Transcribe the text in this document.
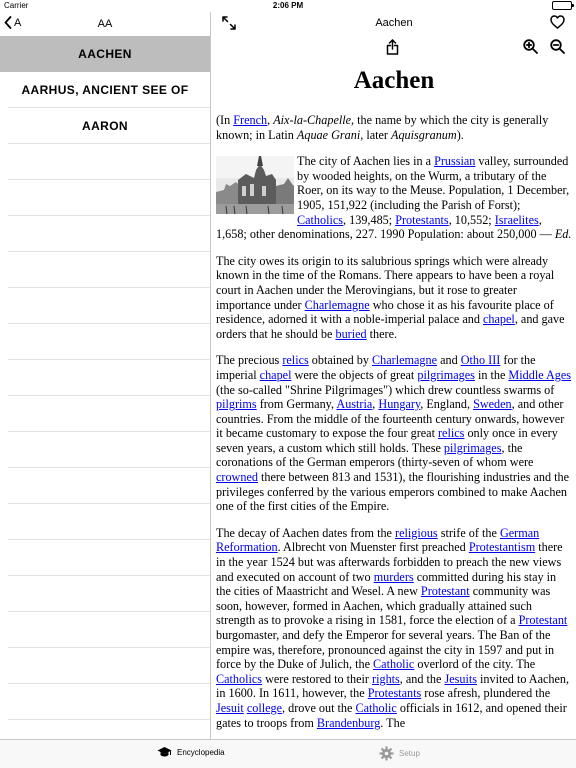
Carrier	2:06 PM
A	AA
AACHEN
AARHUS, ANCIENT SEE OF
AARON
Aachen
Aachen

(In French, Aix-la-Chapelle, the name by which the city is generally known; in Latin Aquae Grani, later Aquisgranum).

The city of Aachen lies in a Prussian valley, surrounded by wooded heights, on the Wurm, a tributary of the Roer, on its way to the Meuse. Population, 1 December, 1905, 151,922 (including the Parish of Forst); Catholics, 139,485; Protestants, 10,552; Israelites, 1,658; other denominations, 227. 1990 Population: about 250,000 — Ed.

The city owes its origin to its salubrious springs which were already known in the time of the Romans. There appears to have been a royal court in Aachen under the Merovingians, but it rose to greater importance under Charlemagne who chose it as his favourite place of residence, adorned it with a noble-imperial palace and chapel, and gave orders that he should be buried there.

The precious relics obtained by Charlemagne and Otho III for the imperial chapel were the objects of great pilgrimages in the Middle Ages (the so-called "Shrine Pilgrimages") which drew countless swarms of pilgrims from Germany, Austria, Hungary, England, Sweden, and other countries. From the middle of the fourteenth century onwards, however it became customary to expose the four great relics only once in every seven years, a custom which still holds. These pilgrimages, the coronations of the German emperors (thirty-seven of whom were crowned there between 813 and 1531), the flourishing industries and the privileges conferred by the various emperors combined to make Aachen one of the first cities of the Empire.

The decay of Aachen dates from the religious strife of the German Reformation. Albrecht von Muenster first preached Protestantism there in the year 1524 but was afterwards forbidden to preach the new views and executed on account of two murders committed during his stay in the cities of Maastricht and Wesel. A new Protestant community was soon, however, formed in Aachen, which gradually attained such strength as to provoke a rising in 1581, force the election of a Protestant burgomaster, and defy the Emperor for several years. The Ban of the empire was, therefore, pronounced against the city in 1597 and put in force by the Duke of Julich, the Catholic overlord of the city. The Catholics were restored to their rights, and the Jesuits invited to Aachen, in 1600. In 1611, however, the Protestants rose afresh, plundered the Jesuit college, drove out the Catholic officials in 1612, and opened their gates to troops from Brandenburg. The

Encyclopedia	Setup
